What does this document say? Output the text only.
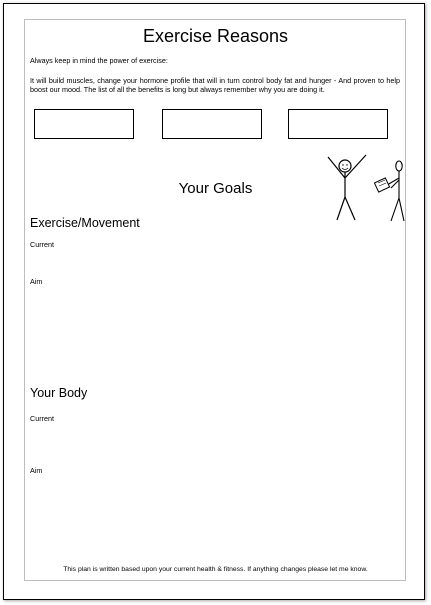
Exercise Reasons
Always keep in mind the power of exercise:
It will build muscles, change your hormone profile that will in turn control body fat and hunger - And proven to help boost our mood. The list of all the benefits is long but always remember why you are doing it.
Your Goals
Exercise/Movement
Current
Aim
Your Body
Current
Aim
This plan is written based upon your current health & fitness. If anything changes please let me know.
